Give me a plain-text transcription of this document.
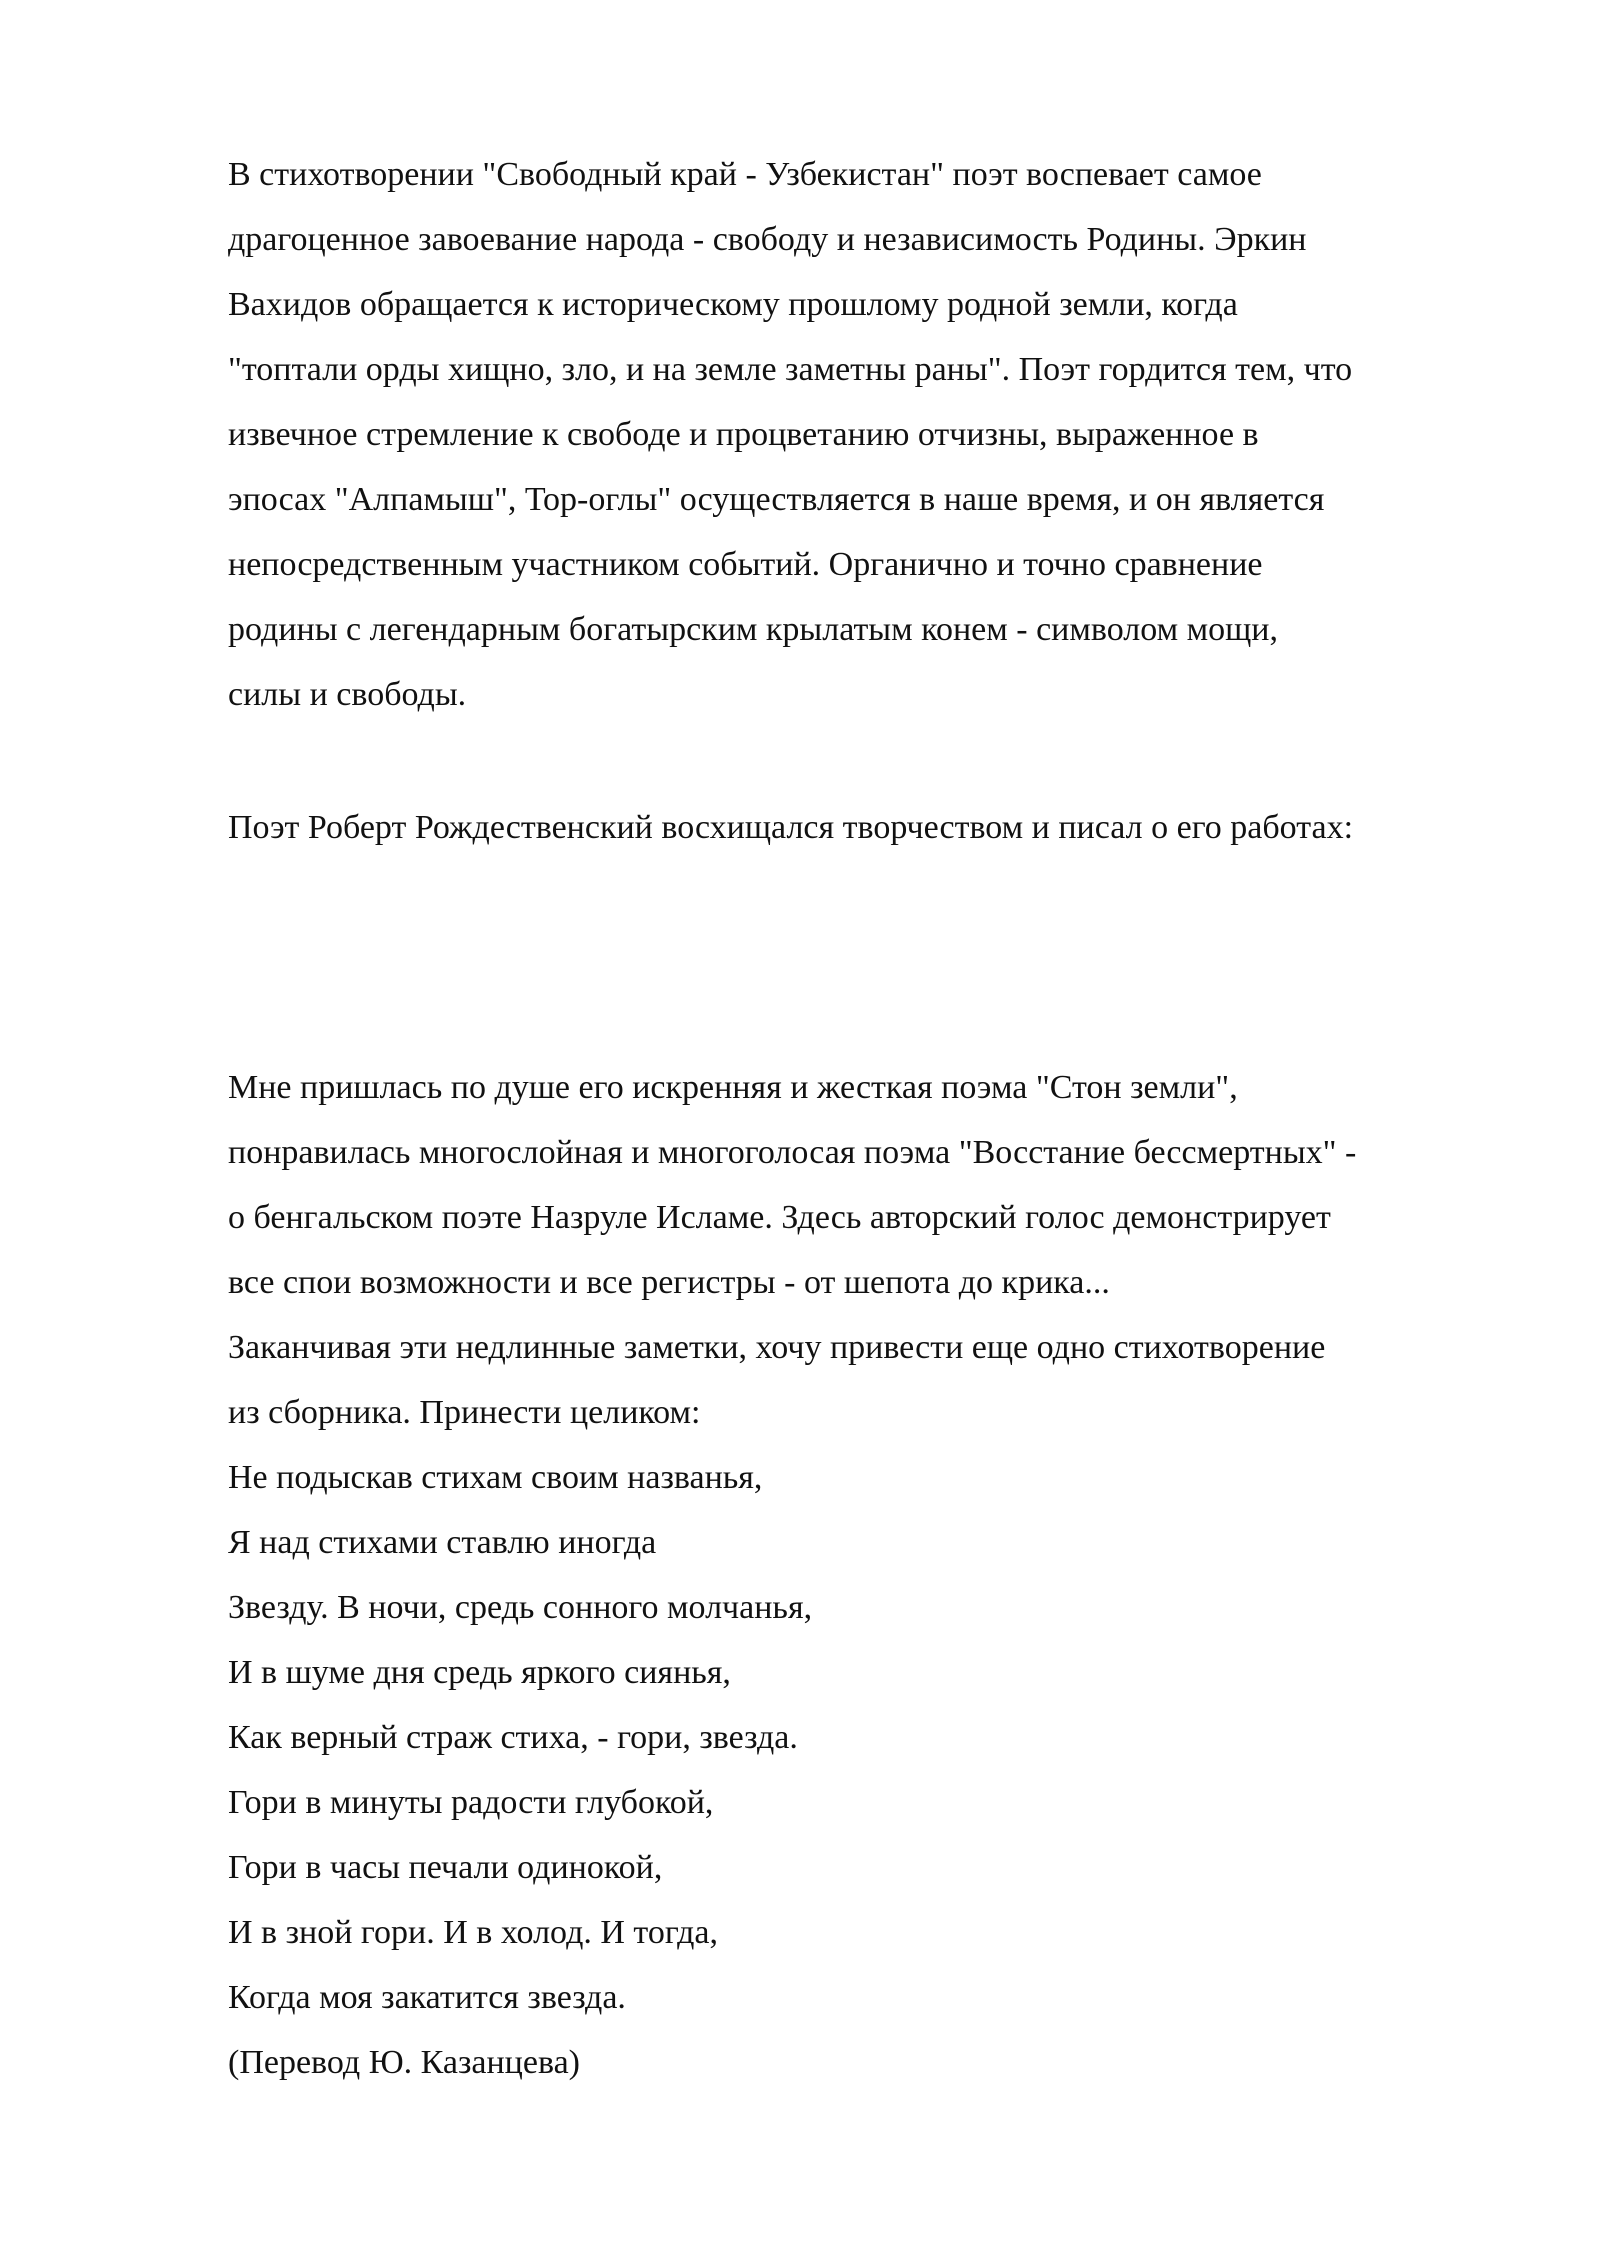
В стихотворении "Свободный край - Узбекистан" поэт воспевает самое
драгоценное завоевание народа - свободу и независимость Родины. Эркин
Вахидов обращается к историческому прошлому родной земли, когда
"топтали орды хищно, зло, и на земле заметны раны". Поэт гордится тем, что
извечное стремление к свободе и процветанию отчизны, выраженное в
эпосах "Алпамыш", Тор-оглы" осуществляется в наше время, и он является
непосредственным участником событий. Органично и точно сравнение
родины с легендарным богатырским крылатым конем - символом мощи,
силы и свободы.
Поэт Роберт Рождественский восхищался творчеством и писал о его работах:
Мне пришлась по душе его искренняя и жесткая поэма "Стон земли",
понравилась многослойная и многоголосая поэма "Восстание бессмертных" -
о бенгальском поэте Назруле Исламе. Здесь авторский голос демонстрирует
все спои возможности и все регистры - от шепота до крика...
Заканчивая эти недлинные заметки, хочу привести еще одно стихотворение
из сборника. Принести целиком:
Не подыскав стихам своим названья,
Я над стихами ставлю иногда
Звезду. В ночи, средь сонного молчанья,
И в шуме дня средь яркого сиянья,
Как верный страж стиха, - гори, звезда.
Гори в минуты радости глубокой,
Гори в часы печали одинокой,
И в зной гори. И в холод. И тогда,
Когда моя закатится звезда.
(Перевод Ю. Казанцева)
